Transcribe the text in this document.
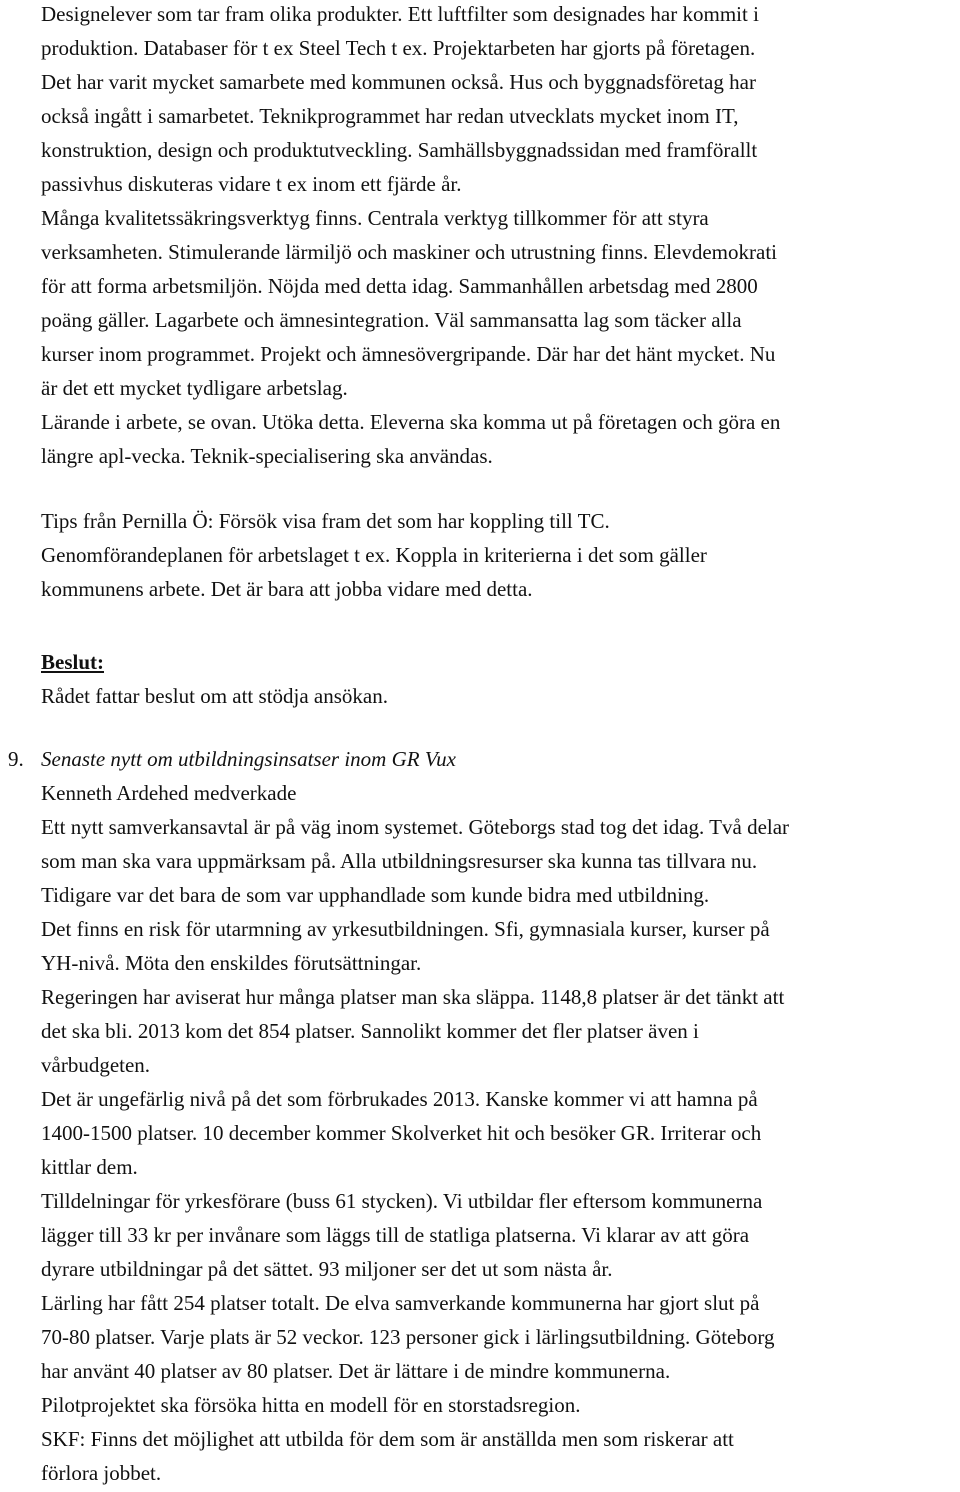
Designelever som tar fram olika produkter. Ett luftfilter som designades har kommit i
produktion. Databaser för t ex Steel Tech t ex. Projektarbeten har gjorts på företagen.
Det har varit mycket samarbete med kommunen också. Hus och byggnadsföretag har
också ingått i samarbetet. Teknikprogrammet har redan utvecklats mycket inom IT,
konstruktion, design och produktutveckling. Samhällsbyggnadssidan med framförallt
passivhus diskuteras vidare t ex inom ett fjärde år.
Många kvalitetssäkringsverktyg finns. Centrala verktyg tillkommer för att styra
verksamheten. Stimulerande lärmiljö och maskiner och utrustning finns. Elevdemokrati
för att forma arbetsmiljön. Nöjda med detta idag. Sammanhållen arbetsdag med 2800
poäng gäller. Lagarbete och ämnesintegration. Väl sammansatta lag som täcker alla
kurser inom programmet. Projekt och ämnesövergripande. Där har det hänt mycket. Nu
är det ett mycket tydligare arbetslag.
Lärande i arbete, se ovan. Utöka detta. Eleverna ska komma ut på företagen och göra en
längre apl-vecka. Teknik-specialisering ska användas.
Tips från Pernilla Ö: Försök visa fram det som har koppling till TC.
Genomförandeplanen för arbetslaget t ex. Koppla in kriterierna i det som gäller
kommunens arbete. Det är bara att jobba vidare med detta.
Beslut:
Rådet fattar beslut om att stödja ansökan.
9. Senaste nytt om utbildningsinsatser inom GR Vux
Kenneth Ardehed medverkade
Ett nytt samverkansavtal är på väg inom systemet. Göteborgs stad tog det idag. Två delar
som man ska vara uppmärksam på. Alla utbildningsresurser ska kunna tas tillvara nu.
Tidigare var det bara de som var upphandlade som kunde bidra med utbildning.
Det finns en risk för utarmning av yrkesutbildningen. Sfi, gymnasiala kurser, kurser på
YH-nivå. Möta den enskildes förutsättningar.
Regeringen har aviserat hur många platser man ska släppa. 1148,8 platser är det tänkt att
det ska bli. 2013 kom det 854 platser. Sannolikt kommer det fler platser även i
vårbudgeten.
Det är ungefärlig nivå på det som förbrukades 2013. Kanske kommer vi att hamna på
1400-1500 platser. 10 december kommer Skolverket hit och besöker GR. Irriterar och
kittlar dem.
Tilldelningar för yrkesförare (buss 61 stycken). Vi utbildar fler eftersom kommunerna
lägger till 33 kr per invånare som läggs till de statliga platserna. Vi klarar av att göra
dyrare utbildningar på det sättet. 93 miljoner ser det ut som nästa år.
Lärling har fått 254 platser totalt. De elva samverkande kommunerna har gjort slut på
70-80 platser. Varje plats är 52 veckor. 123 personer gick i lärlingsutbildning. Göteborg
har använt 40 platser av 80 platser. Det är lättare i de mindre kommunerna.
Pilotprojektet ska försöka hitta en modell för en storstadsregion.
SKF: Finns det möjlighet att utbilda för dem som är anställda men som riskerar att
förlora jobbet.
